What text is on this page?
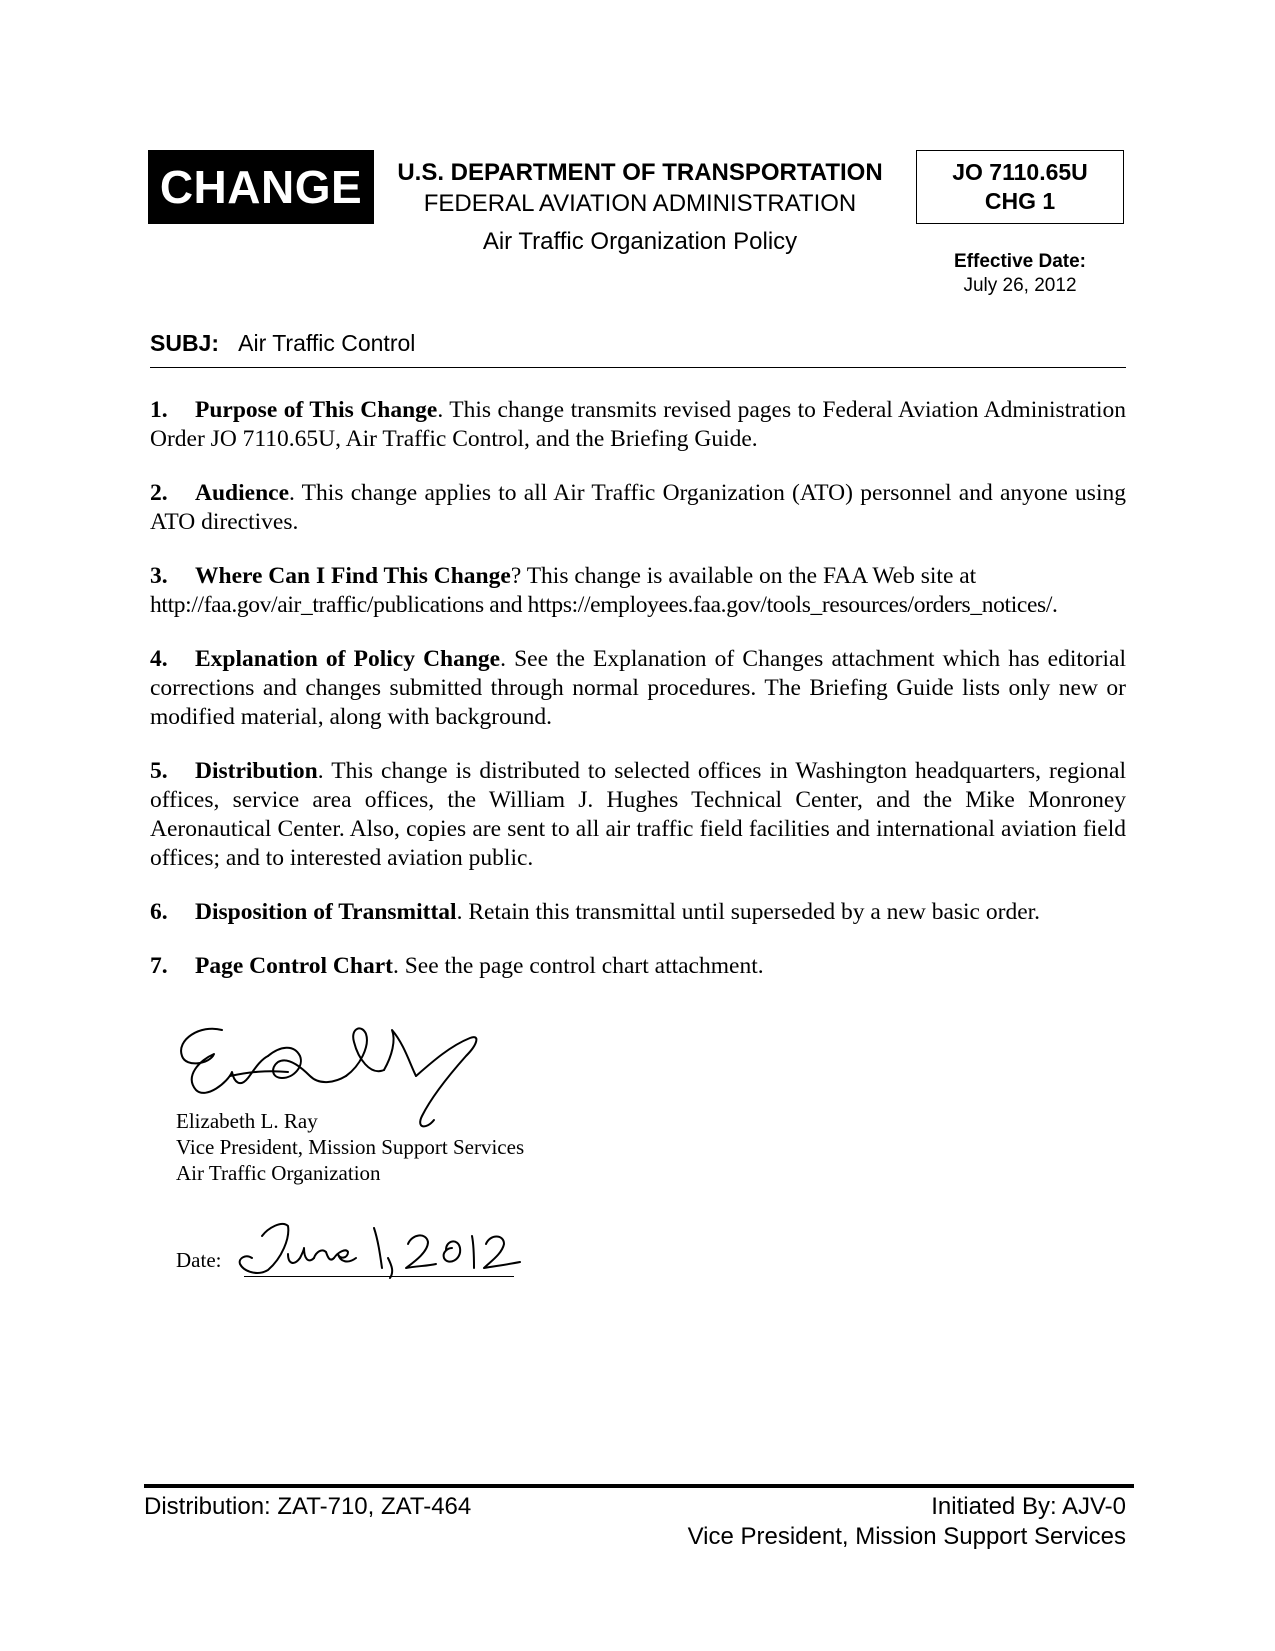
CHANGE	U.S. DEPARTMENT OF TRANSPORTATION
FEDERAL AVIATION ADMINISTRATION
Air Traffic Organization Policy
JO 7110.65U
CHG 1
Effective Date:
July 26, 2012
SUBJ: Air Traffic Control

1. Purpose of This Change. This change transmits revised pages to Federal Aviation Administration Order JO 7110.65U, Air Traffic Control, and the Briefing Guide.

2. Audience. This change applies to all Air Traffic Organization (ATO) personnel and anyone using ATO directives.

3. Where Can I Find This Change? This change is available on the FAA Web site at
http://faa.gov/air_traffic/publications and https://employees.faa.gov/tools_resources/orders_notices/.

4. Explanation of Policy Change. See the Explanation of Changes attachment which has editorial corrections and changes submitted through normal procedures. The Briefing Guide lists only new or modified material, along with background.

5. Distribution. This change is distributed to selected offices in Washington headquarters, regional offices, service area offices, the William J. Hughes Technical Center, and the Mike Monroney Aeronautical Center. Also, copies are sent to all air traffic field facilities and international aviation field offices; and to interested aviation public.

6. Disposition of Transmittal. Retain this transmittal until superseded by a new basic order.

7. Page Control Chart. See the page control chart attachment.

Elizabeth L. Ray
Vice President, Mission Support Services
Air Traffic Organization
Date:
Distribution: ZAT-710, ZAT-464	Initiated By: AJV-0
Vice President, Mission Support Services
